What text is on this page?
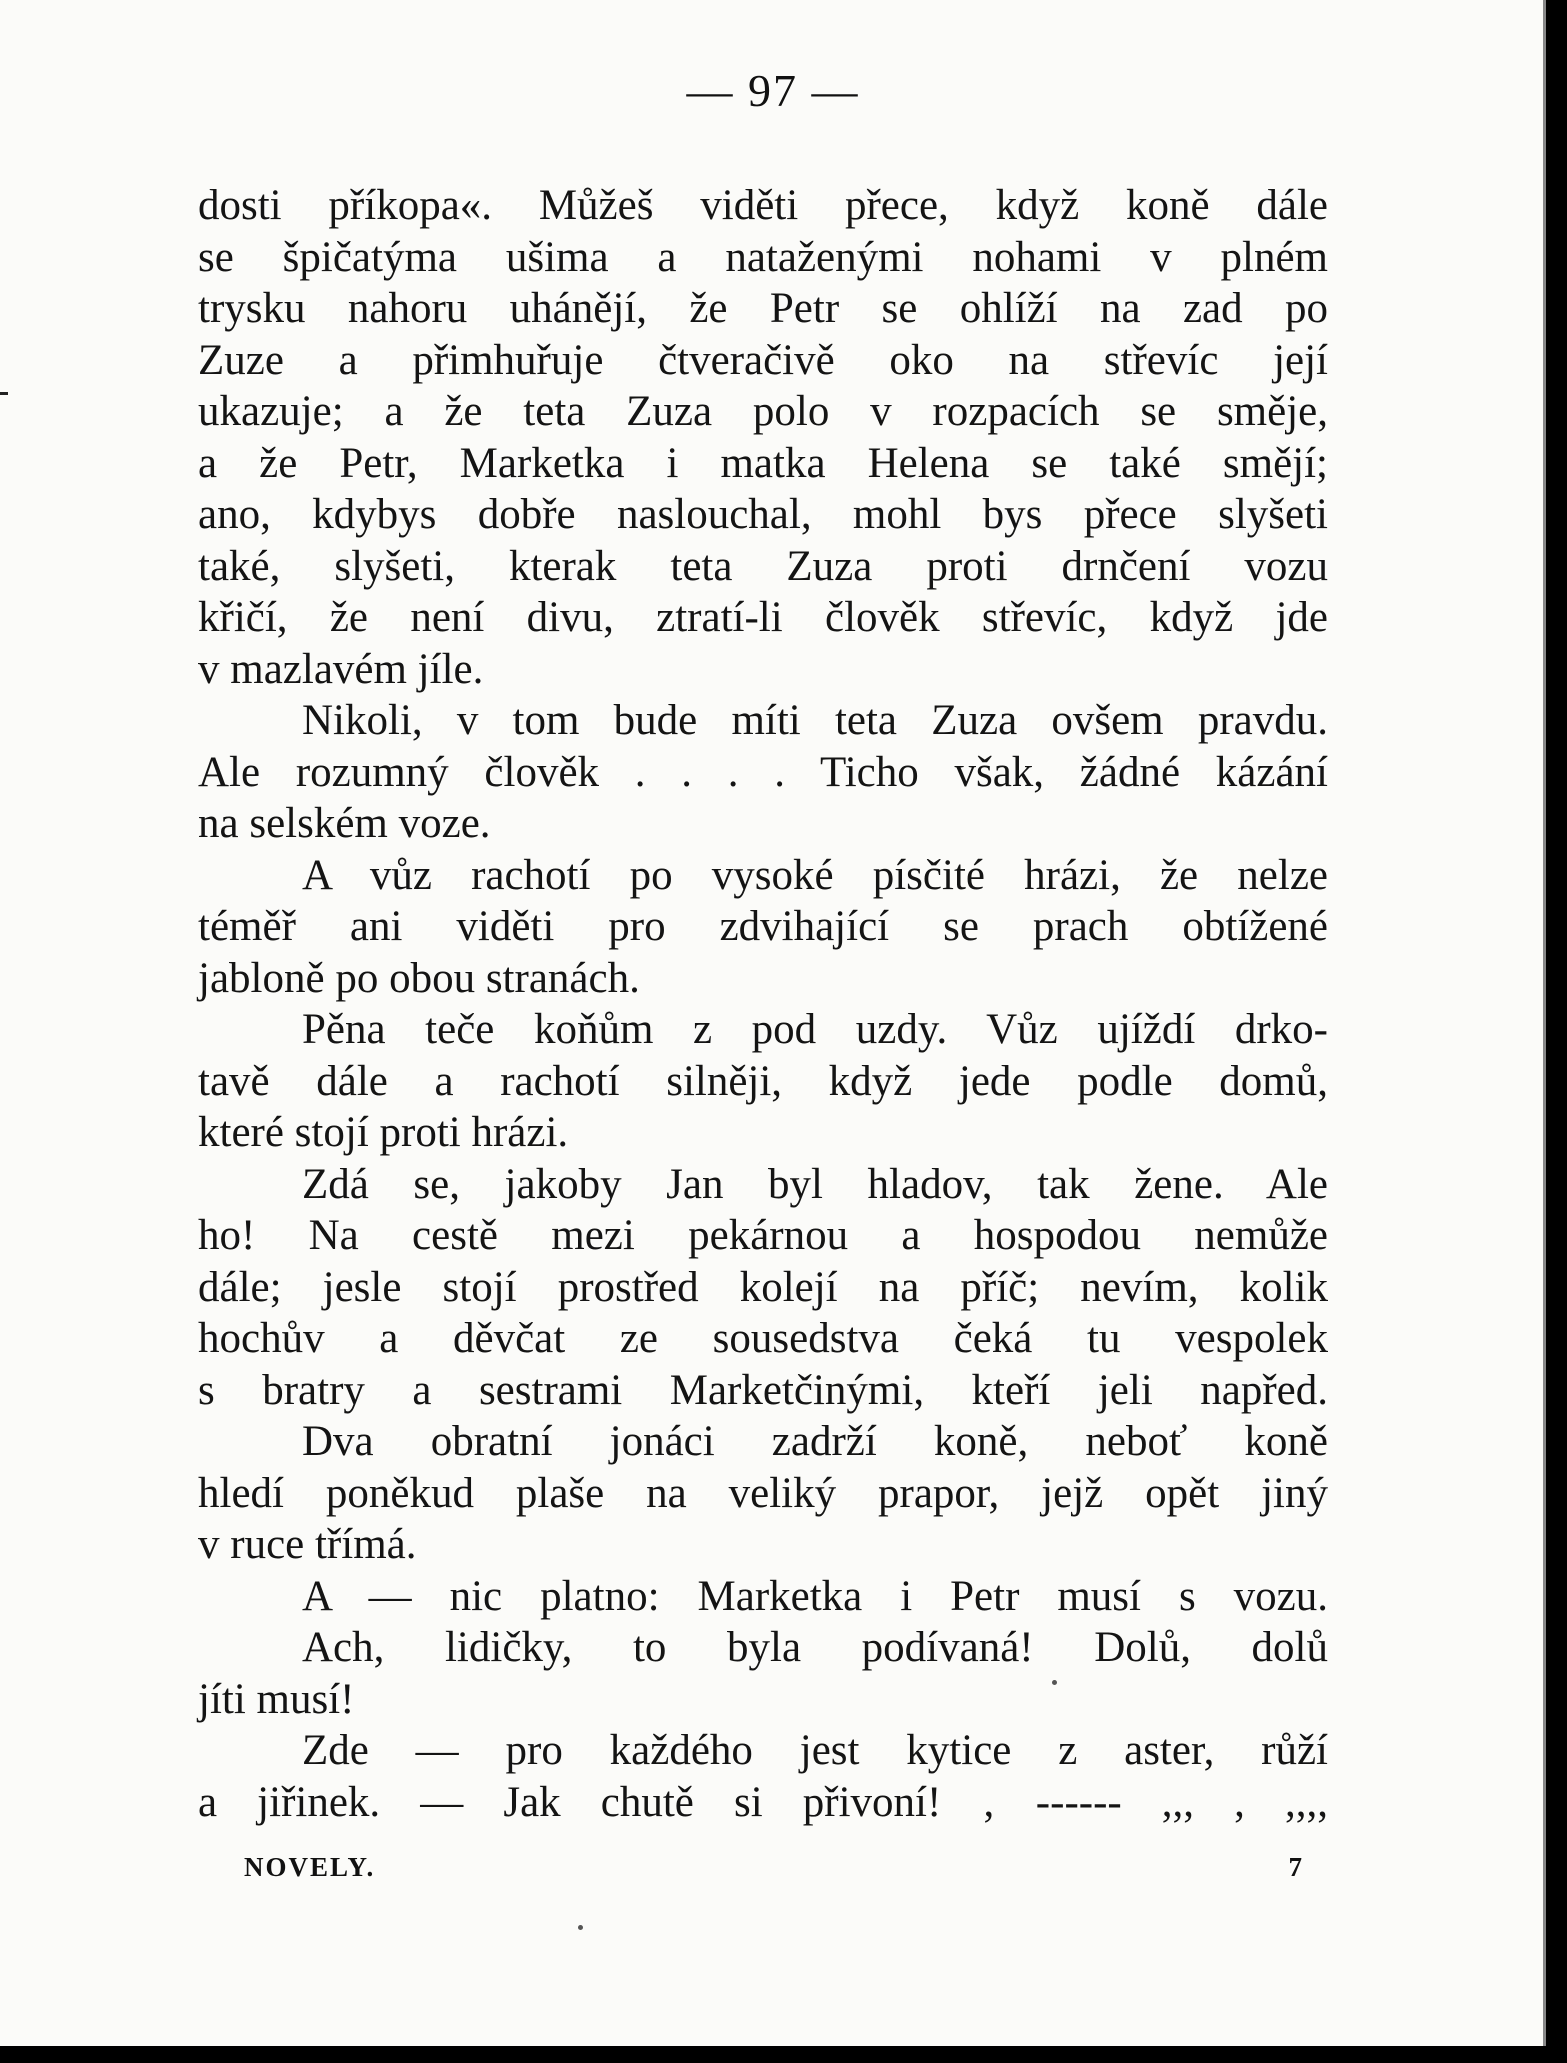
— 97 —
dosti příkopa«. Můžeš viděti přece, když koně dále
se špičatýma ušima a nataženými nohami v plném
trysku nahoru uhánějí, že Petr se ohlíží na zad po
Zuze a přimhuřuje čtveračivě oko na střevíc její
ukazuje; a že teta Zuza polo v rozpacích se směje,
a že Petr, Marketka i matka Helena se také smějí;
ano, kdybys dobře naslouchal, mohl bys přece slyšeti
také, slyšeti, kterak teta Zuza proti drnčení vozu
křičí, že není divu, ztratí-li člověk střevíc, když jde
v mazlavém jíle.
Nikoli, v tom bude míti teta Zuza ovšem pravdu.
Ale rozumný člověk . . . . Ticho však, žádné kázání
na selském voze.
A vůz rachotí po vysoké písčité hrázi, že nelze
téměř ani viděti pro zdvihající se prach obtížené
jabloně po obou stranách.
Pěna teče koňům z pod uzdy. Vůz ujíždí drko-
tavě dále a rachotí silněji, když jede podle domů,
které stojí proti hrázi.
Zdá se, jakoby Jan byl hladov, tak žene. Ale
ho! Na cestě mezi pekárnou a hospodou nemůže
dále; jesle stojí prostřed kolejí na příč; nevím, kolik
hochův a děvčat ze sousedstva čeká tu vespolek
s bratry a sestrami Marketčinými, kteří jeli napřed.
Dva obratní jonáci zadrží koně, neboť koně
hledí poněkud plaše na veliký prapor, jejž opět jiný
v ruce třímá.
A — nic platno: Marketka i Petr musí s vozu.
Ach, lidičky, to byla podívaná! Dolů, dolů
jíti musí!
Zde — pro každého jest kytice z aster, růží
a jiřinek. — Jak chutě si přivoní! ‚ ------ ,,, , ,,,,
NOVELY.	7
